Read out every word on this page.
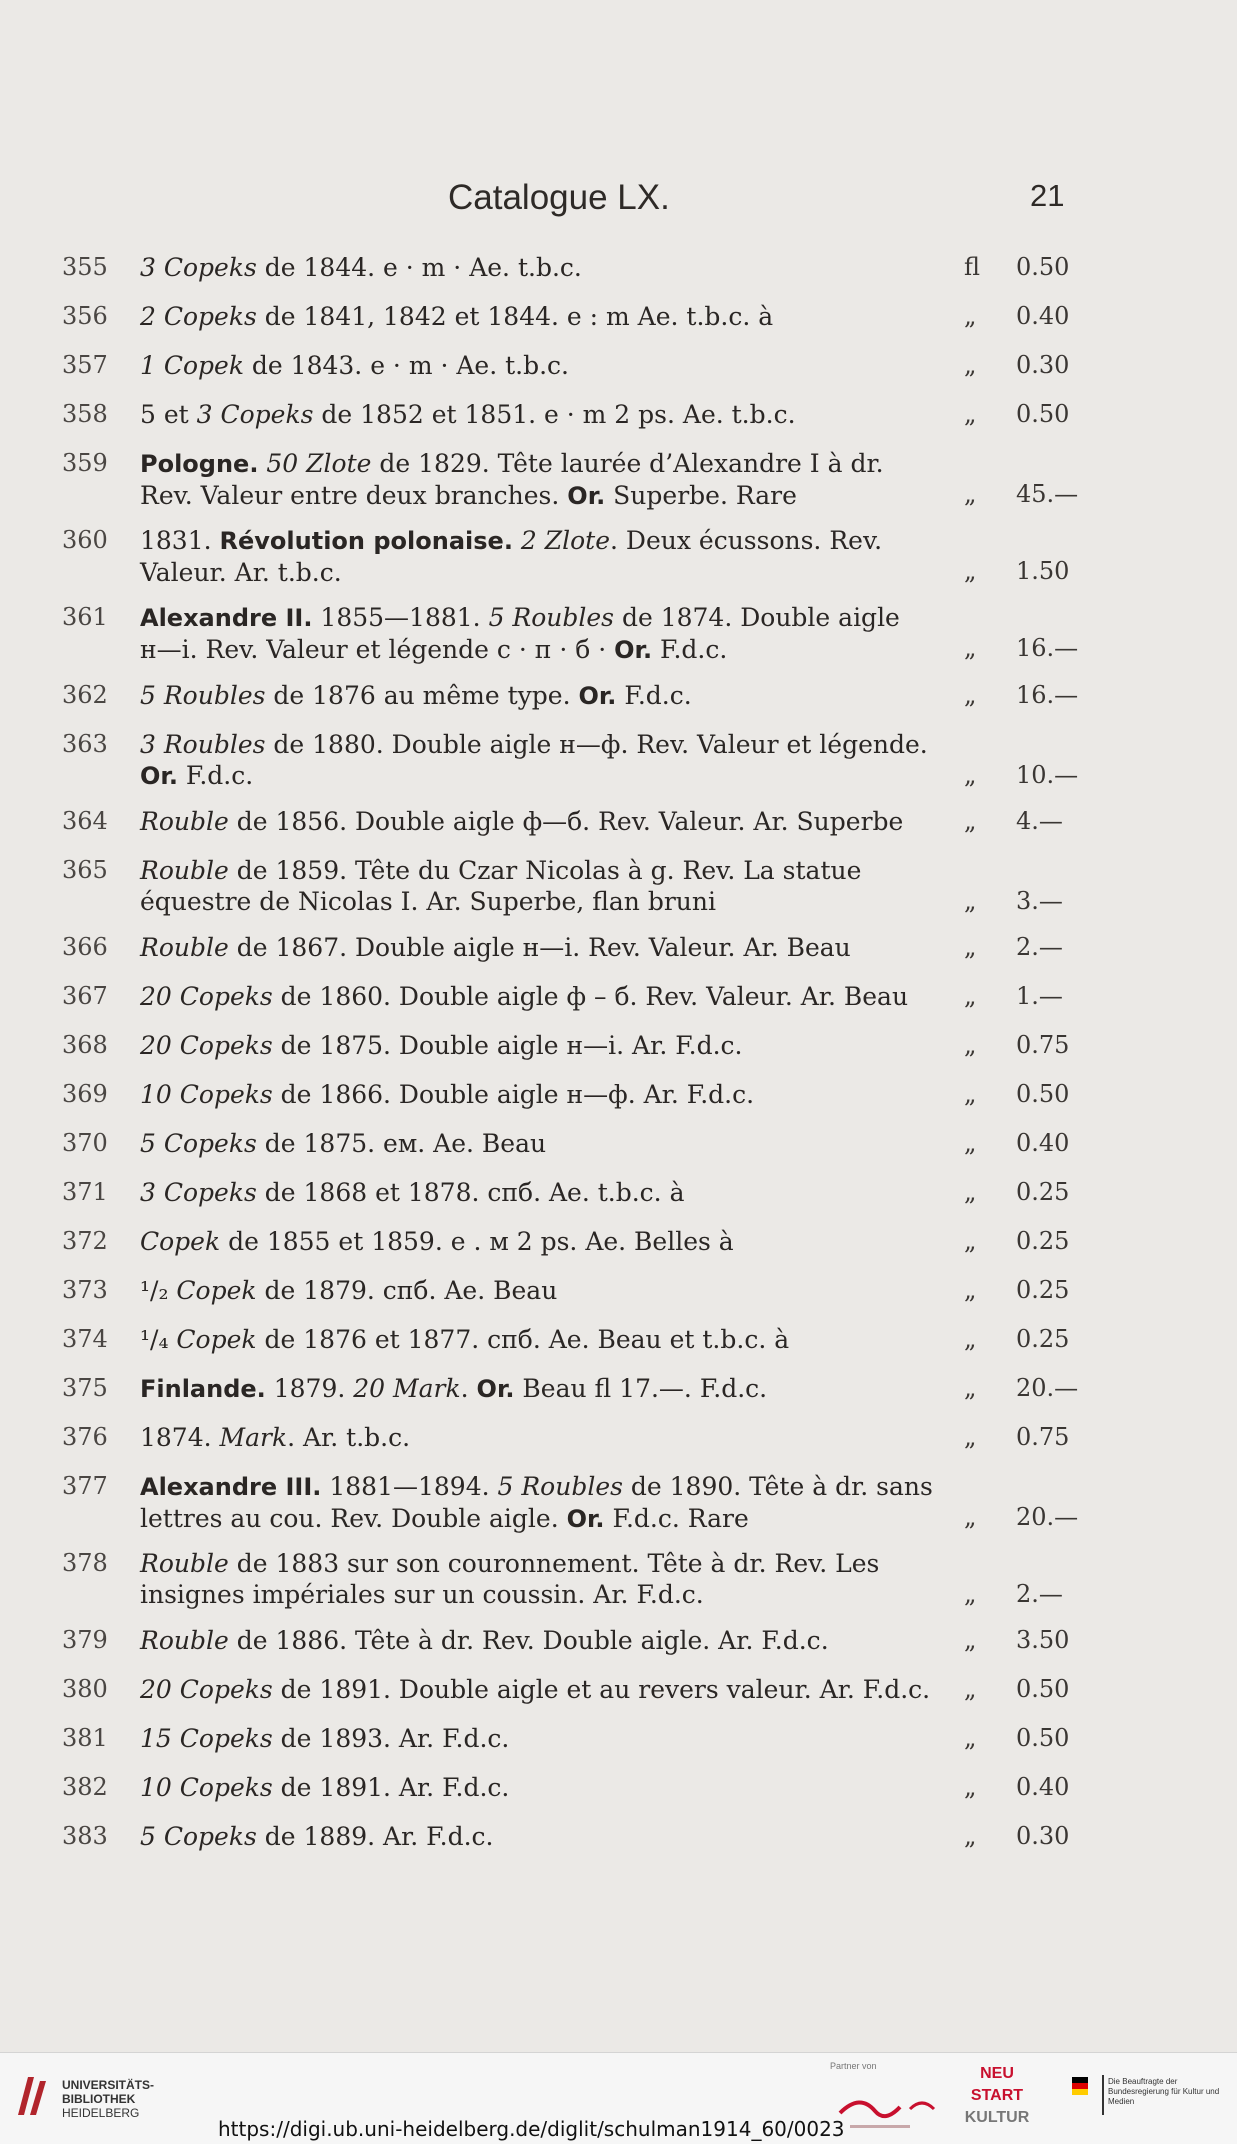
Catalogue LX.	21
355 3 Copeks de 1844. e · m · Ae. t.b.c.	fl 0.50
356 2 Copeks de 1841, 1842 et 1844. e : m Ae. t.b.c. à	„ 0.40
357 1 Copek de 1843. e · m · Ae. t.b.c.	„ 0.30
358 5 et 3 Copeks de 1852 et 1851. e · m 2 ps. Ae. t.b.c.	„ 0.50
359 Pologne. 50 Zlote de 1829. Tête laurée d’Alexandre I à dr.
Rev. Valeur entre deux branches. Or. Superbe. Rare	„ 45.—
360 1831. Révolution polonaise. 2 Zlote. Deux écussons. Rev.
Valeur. Ar. t.b.c.	„ 1.50
361 Alexandre II. 1855—1881. 5 Roubles de 1874. Double aigle
н—і. Rev. Valeur et légende с · п · б · Or. F.d.c.	„ 16.—
362 5 Roubles de 1876 au même type. Or. F.d.c.	„ 16.—
363 3 Roubles de 1880. Double aigle н—ф. Rev. Valeur et légende.
Or. F.d.c.	„ 10.—
364 Rouble de 1856. Double aigle ф—б. Rev. Valeur. Ar. Superbe	„ 4.—
365 Rouble de 1859. Tête du Czar Nicolas à g. Rev. La statue
équestre de Nicolas I. Ar. Superbe, flan bruni	„ 3.—
366 Rouble de 1867. Double aigle н—і. Rev. Valeur. Ar. Beau	„ 2.—
367 20 Copeks de 1860. Double aigle ф – б. Rev. Valeur. Ar. Beau	„ 1.—
368 20 Copeks de 1875. Double aigle н—і. Ar. F.d.c.	„ 0.75
369 10 Copeks de 1866. Double aigle н—ф. Ar. F.d.c.	„ 0.50
370 5 Copeks de 1875. ем. Ae. Beau	„ 0.40
371 3 Copeks de 1868 et 1878. спб. Ae. t.b.c. à	„ 0.25
372 Copek de 1855 et 1859. е . м 2 ps. Ae. Belles à	„ 0.25
373 ¹/₂ Copek de 1879. спб. Ae. Beau	„ 0.25
374 ¹/₄ Copek de 1876 et 1877. спб. Ae. Beau et t.b.c. à	„ 0.25
375 Finlande. 1879. 20 Mark. Or. Beau fl 17.—. F.d.c.	„ 20.—
376 1874. Mark. Ar. t.b.c.	„ 0.75
377 Alexandre III. 1881—1894. 5 Roubles de 1890. Tête à dr. sans
lettres au cou. Rev. Double aigle. Or. F.d.c. Rare	„ 20.—
378 Rouble de 1883 sur son couronnement. Tête à dr. Rev. Les
insignes impériales sur un coussin. Ar. F.d.c.	„ 2.—
379 Rouble de 1886. Tête à dr. Rev. Double aigle. Ar. F.d.c.	„ 3.50
380 20 Copeks de 1891. Double aigle et au revers valeur. Ar. F.d.c.	„ 0.50
381 15 Copeks de 1893. Ar. F.d.c.	„ 0.50
382 10 Copeks de 1891. Ar. F.d.c.	„ 0.40
383 5 Copeks de 1889. Ar. F.d.c.	„ 0.30
UNIVERSITÄTS-
BIBLIOTHEK
HEIDELBERG
Partner von	NEU
START
KULTUR
Die Beauftragte der Bundesregierung für Kultur und Medien
https://digi.ub.uni-heidelberg.de/diglit/schulman1914_60/0023
